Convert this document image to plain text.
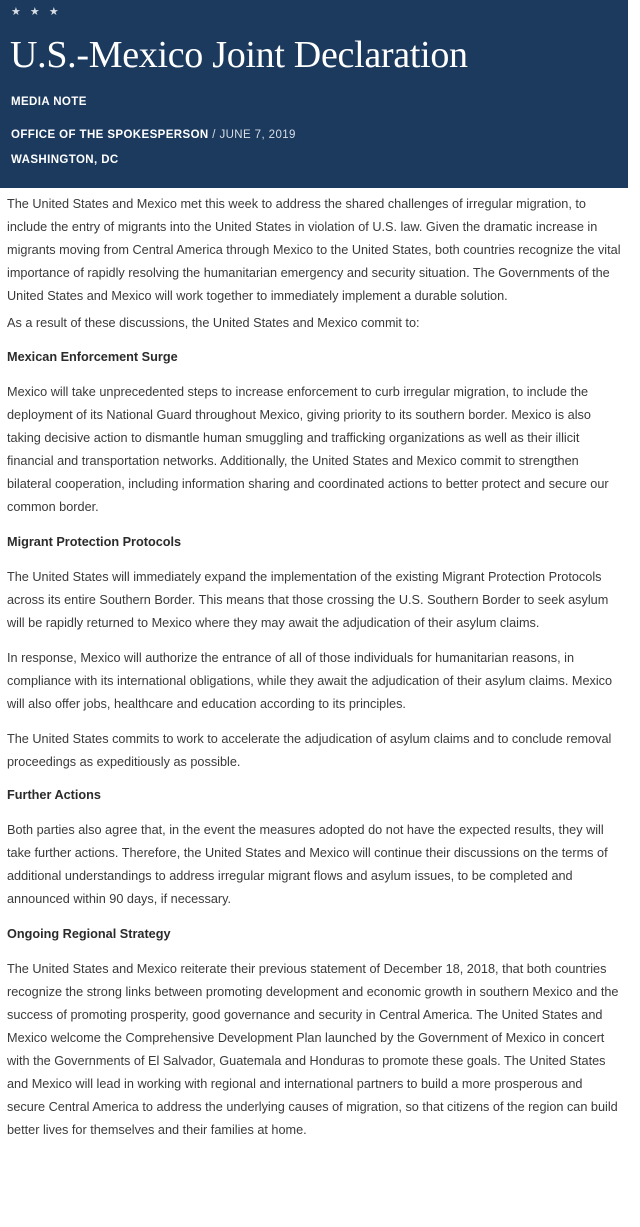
★ ★ ★
U.S.-Mexico Joint Declaration
MEDIA NOTE
OFFICE OF THE SPOKESPERSON / JUNE 7, 2019
WASHINGTON, DC

The United States and Mexico met this week to address the shared challenges of irregular migration, to include the entry of migrants into the United States in violation of U.S. law. Given the dramatic increase in migrants moving from Central America through Mexico to the United States, both countries recognize the vital importance of rapidly resolving the humanitarian emergency and security situation. The Governments of the United States and Mexico will work together to immediately implement a durable solution.

As a result of these discussions, the United States and Mexico commit to:

Mexican Enforcement Surge

Mexico will take unprecedented steps to increase enforcement to curb irregular migration, to include the deployment of its National Guard throughout Mexico, giving priority to its southern border. Mexico is also taking decisive action to dismantle human smuggling and trafficking organizations as well as their illicit financial and transportation networks. Additionally, the United States and Mexico commit to strengthen bilateral cooperation, including information sharing and coordinated actions to better protect and secure our common border.

Migrant Protection Protocols

The United States will immediately expand the implementation of the existing Migrant Protection Protocols across its entire Southern Border. This means that those crossing the U.S. Southern Border to seek asylum will be rapidly returned to Mexico where they may await the adjudication of their asylum claims.

In response, Mexico will authorize the entrance of all of those individuals for humanitarian reasons, in compliance with its international obligations, while they await the adjudication of their asylum claims. Mexico will also offer jobs, healthcare and education according to its principles.

The United States commits to work to accelerate the adjudication of asylum claims and to conclude removal proceedings as expeditiously as possible.

Further Actions

Both parties also agree that, in the event the measures adopted do not have the expected results, they will take further actions. Therefore, the United States and Mexico will continue their discussions on the terms of additional understandings to address irregular migrant flows and asylum issues, to be completed and announced within 90 days, if necessary.

Ongoing Regional Strategy

The United States and Mexico reiterate their previous statement of December 18, 2018, that both countries recognize the strong links between promoting development and economic growth in southern Mexico and the success of promoting prosperity, good governance and security in Central America. The United States and Mexico welcome the Comprehensive Development Plan launched by the Government of Mexico in concert with the Governments of El Salvador, Guatemala and Honduras to promote these goals. The United States and Mexico will lead in working with regional and international partners to build a more prosperous and secure Central America to address the underlying causes of migration, so that citizens of the region can build better lives for themselves and their families at home.
